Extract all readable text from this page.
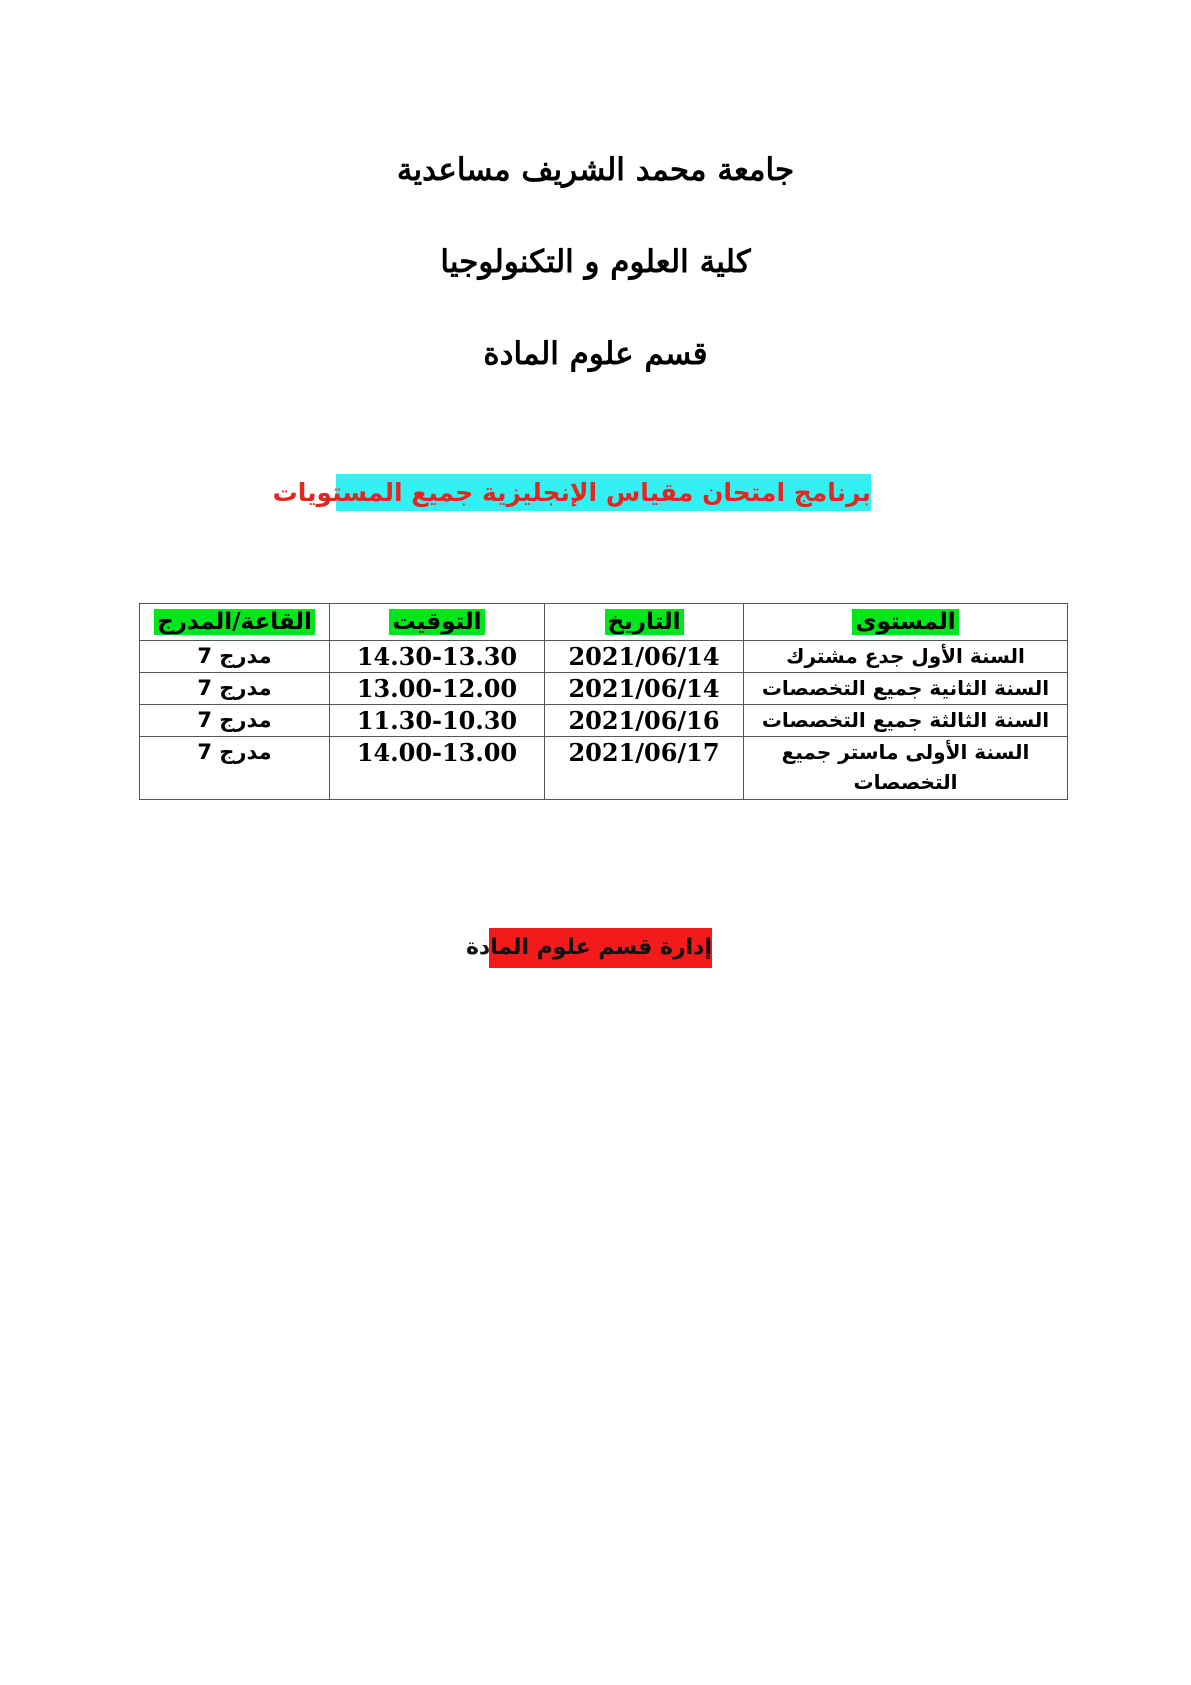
جامعة محمد الشريف مساعدية
كلية العلوم و التكنولوجيا
قسم علوم المادة
برنامج امتحان مقياس الإنجليزية جميع المستويات
المستوى	التاريخ	التوقيت	القاعة/المدرج
السنة الأول جدع مشترك	2021/06/14	14.30-13.30	مدرج 7
السنة الثانية جميع التخصصات	2021/06/14	13.00-12.00	مدرج 7
السنة الثالثة جميع التخصصات	2021/06/16	11.30-10.30	مدرج 7
السنة الأولى ماستر جميع التخصصات	2021/06/17	14.00-13.00	مدرج 7
إدارة قسم علوم المادة
